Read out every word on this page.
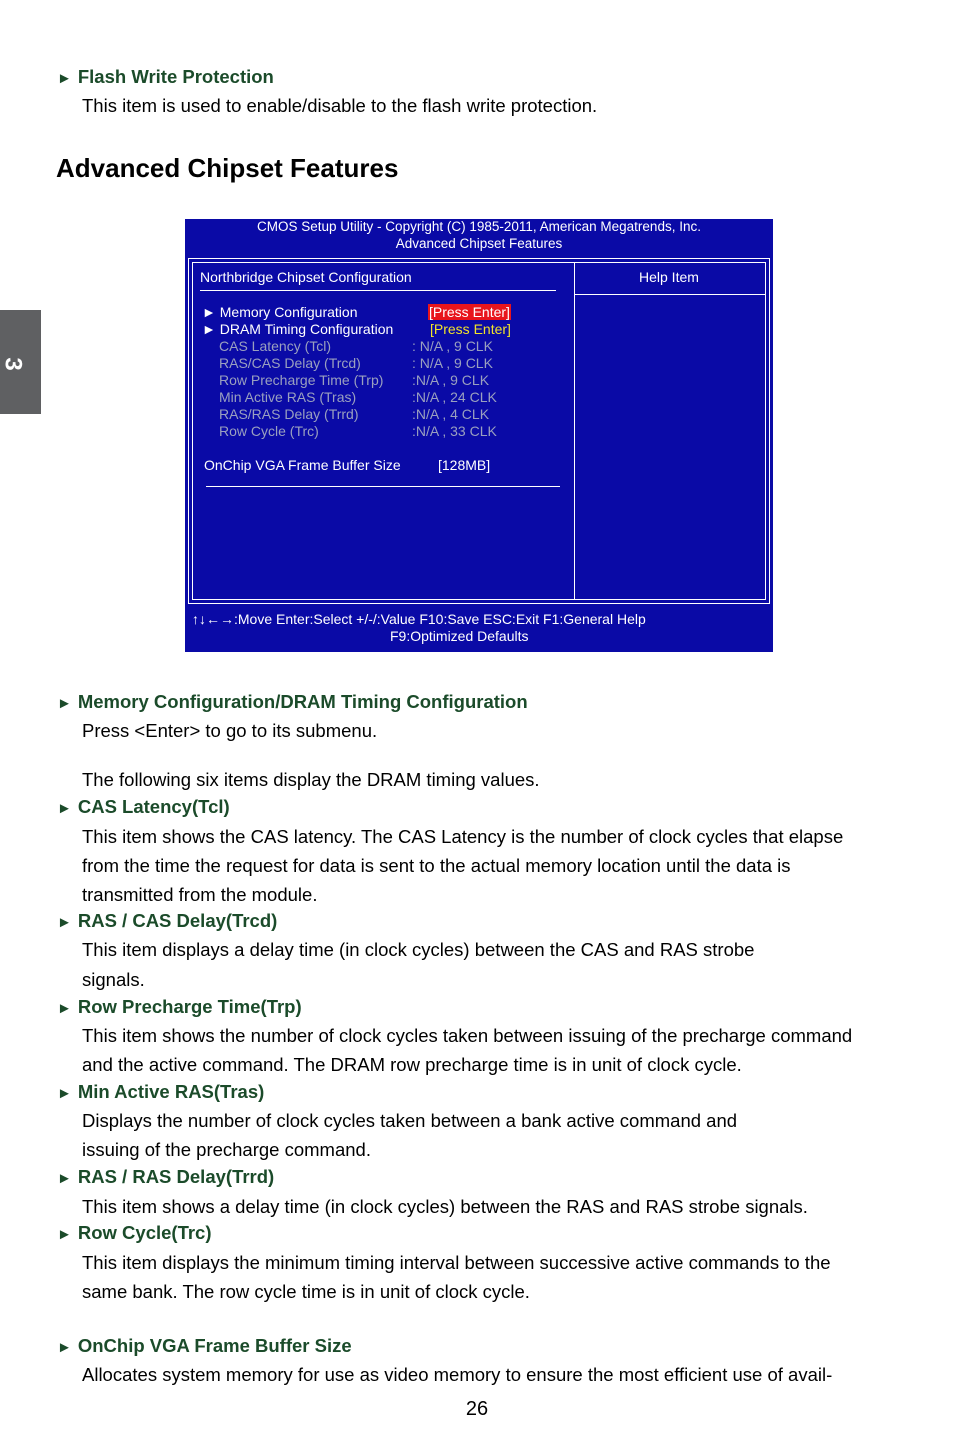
3
► Flash Write Protection
This item is used to enable/disable to the flash write protection.
Advanced Chipset Features
CMOS Setup Utility - Copyright (C) 1985-2011, American Megatrends, Inc.
Advanced Chipset Features
Northbridge Chipset Configuration	Help Item
► Memory Configuration	[Press Enter]
► DRAM Timing Configuration	[Press Enter]
CAS Latency (Tcl)	: N/A , 9 CLK
RAS/CAS Delay (Trcd)	: N/A , 9 CLK
Row Precharge Time (Trp) :N/A , 9 CLK
Min Active RAS (Tras)	:N/A , 24 CLK
RAS/RAS Delay (Trrd)	:N/A , 4 CLK
Row Cycle (Trc)	:N/A , 33 CLK
OnChip VGA Frame Buffer Size	[128MB]
↑↓←→:Move Enter:Select +/-/:Value F10:Save ESC:Exit F1:General Help
F9:Optimized Defaults
► Memory Configuration/DRAM Timing Configuration
Press <Enter> to go to its submenu.
The following six items display the DRAM timing values.
► CAS Latency(Tcl)
This item shows the CAS latency. The CAS Latency is the number of clock cycles that elapse
from the time the request for data is sent to the actual memory location until the data is
transmitted from the module.
► RAS / CAS Delay(Trcd)
This item displays a delay time (in clock cycles) between the CAS and RAS strobe
signals.
► Row Precharge Time(Trp)
This item shows the number of clock cycles taken between issuing of the precharge command
and the active command. The DRAM row precharge time is in unit of clock cycle.
► Min Active RAS(Tras)
Displays the number of clock cycles taken between a bank active command and
issuing of the precharge command.
► RAS / RAS Delay(Trrd)
This item shows a delay time (in clock cycles) between the RAS and RAS strobe signals.
► Row Cycle(Trc)
This item displays the minimum timing interval between successive active commands to the
same bank. The row cycle time is in unit of clock cycle.
► OnChip VGA Frame Buffer Size
Allocates system memory for use as video memory to ensure the most efficient use of avail-
26
